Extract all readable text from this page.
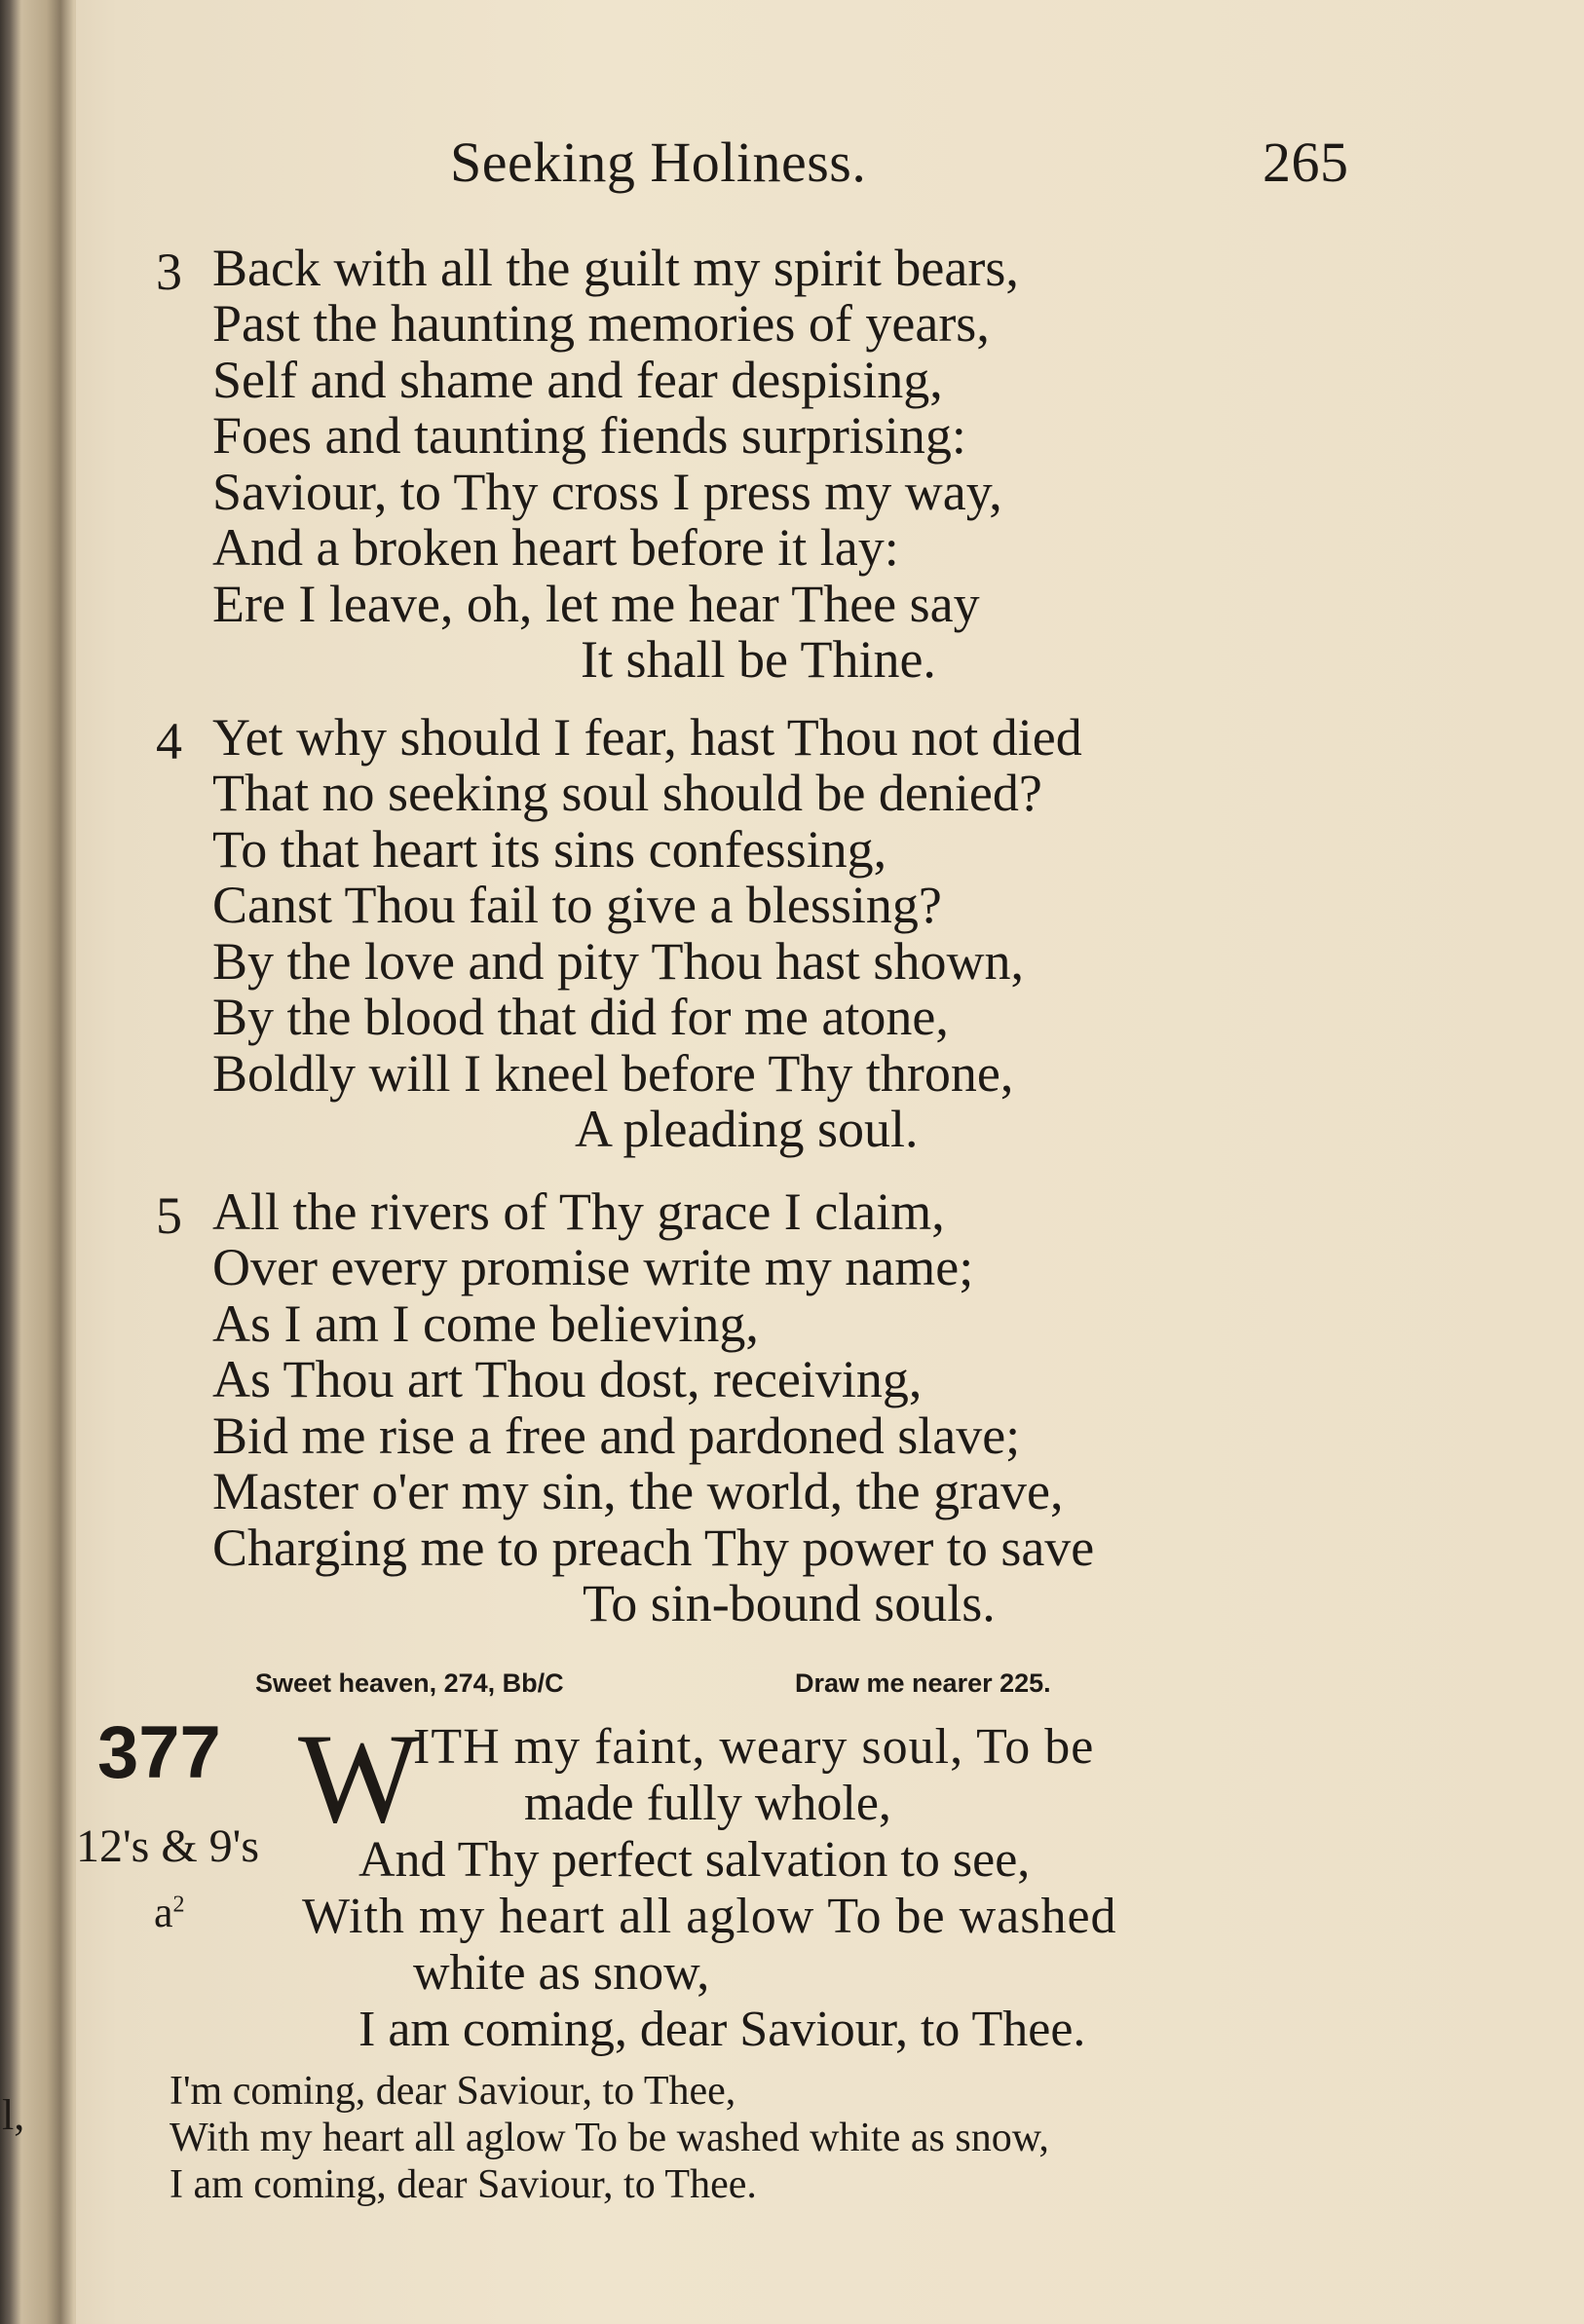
Seeking Holiness.	265
3 Back with all the guilt my spirit bears,
Past the haunting memories of years,
Self and shame and fear despising,
Foes and taunting fiends surprising:
Saviour, to Thy cross I press my way,
And a broken heart before it lay:
Ere I leave, oh, let me hear Thee say
It shall be Thine.
4 Yet why should I fear, hast Thou not died
That no seeking soul should be denied?
To that heart its sins confessing,
Canst Thou fail to give a blessing?
By the love and pity Thou hast shown,
By the blood that did for me atone,
Boldly will I kneel before Thy throne,
A pleading soul.
5 All the rivers of Thy grace I claim,
Over every promise write my name;
As I am I come believing,
As Thou art Thou dost, receiving,
Bid me rise a free and pardoned slave;
Master o'er my sin, the world, the grave,
Charging me to preach Thy power to save
To sin-bound souls.
Sweet heaven, 274, Bb/C	Draw me nearer 225.
377 W
12's & 9's
$a^2$
ITH my faint, weary soul, To be
made fully whole,
And Thy perfect salvation to see,
With my heart all aglow To be washed
white as snow,
I am coming, dear Saviour, to Thee.
I'm coming, dear Saviour, to Thee,
With my heart all aglow To be washed white as snow,
I am coming, dear Saviour, to Thee.
l,
